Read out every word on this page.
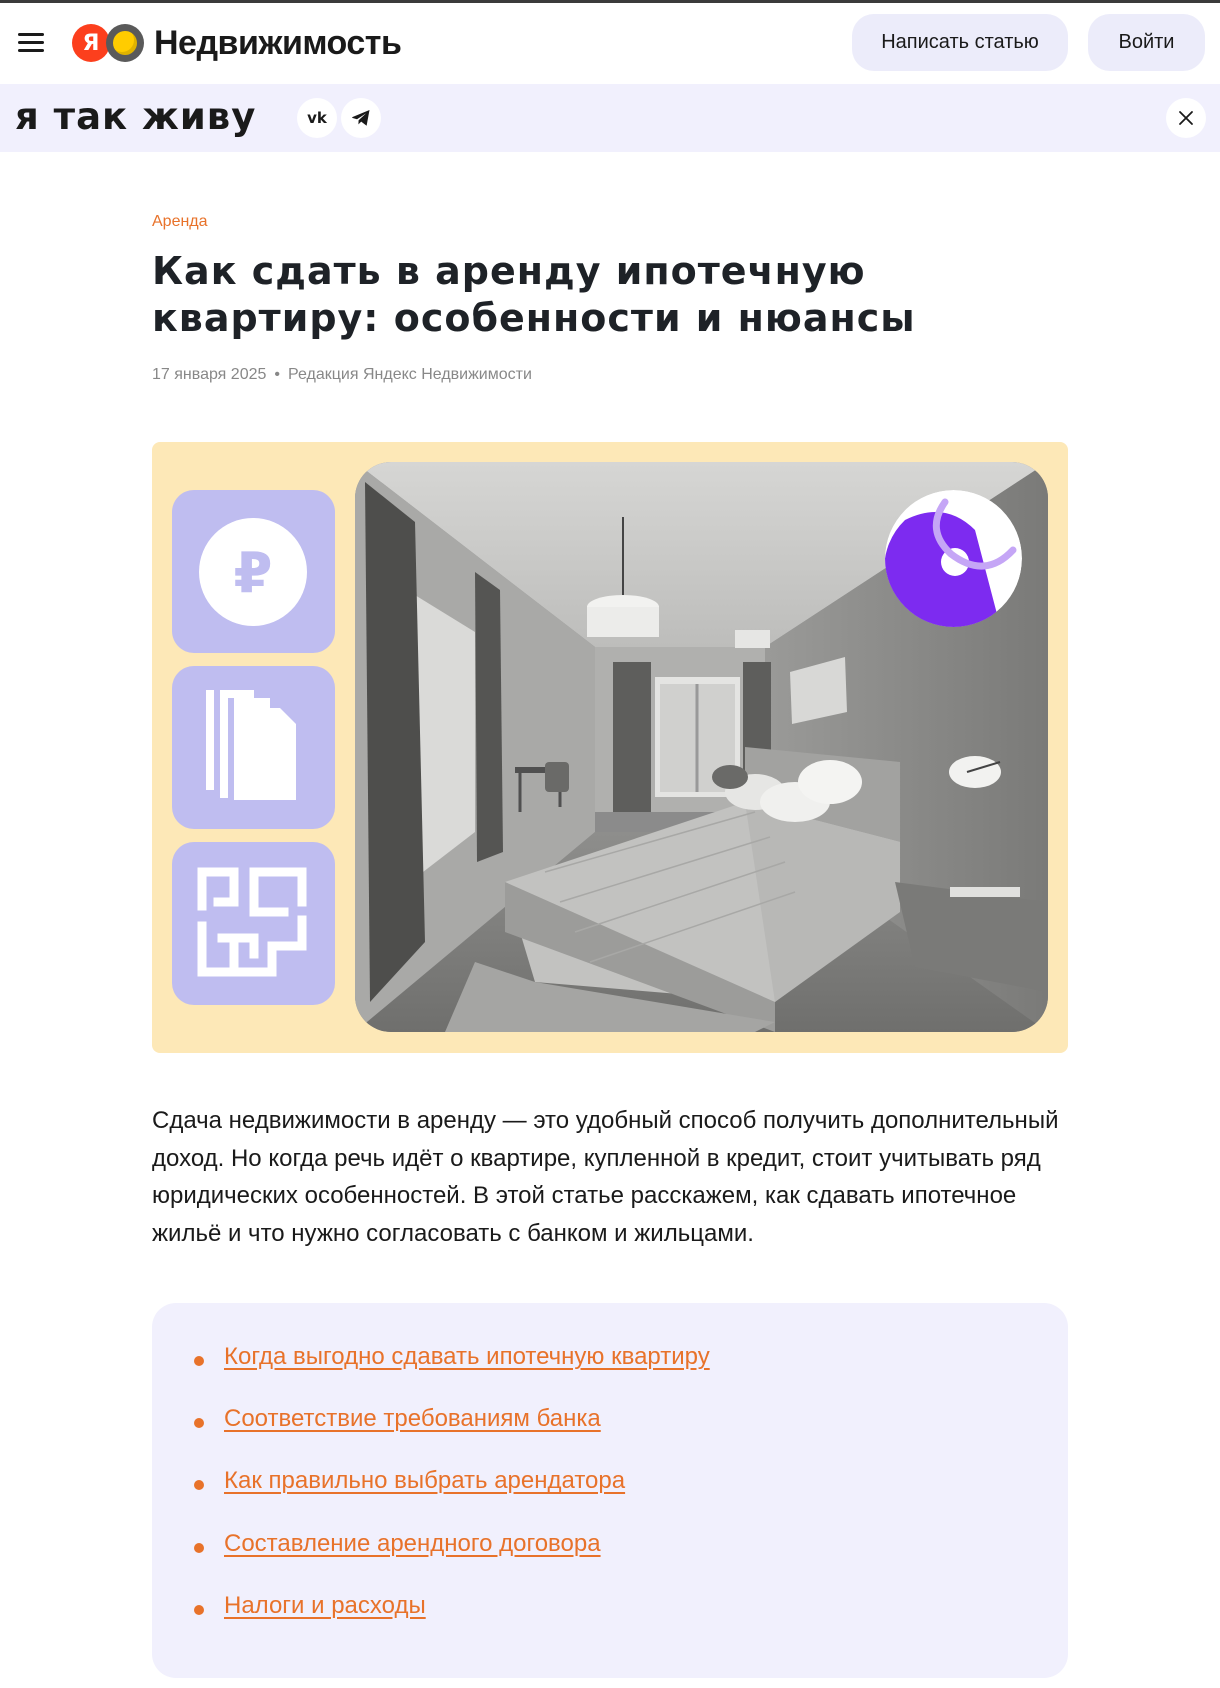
Я	Недвижимость	Написать статью	Войти
я так живу	vk
Аренда
Как сдать в аренду ипотечную квартиру: особенности и нюансы
17 января 2025 • Редакция Яндекс Недвижимости
₽

Сдача недвижимости в аренду — это удобный способ получить дополнительный доход. Но когда речь идёт о квартире, купленной в кредит, стоит учитывать ряд юридических особенностей. В этой статье расскажем, как сдавать ипотечное жильё и что нужно согласовать с банком и жильцами.

Когда выгодно сдавать ипотечную квартиру
Соответствие требованиям банка
Как правильно выбрать арендатора
Составление арендного договора
Налоги и расходы
